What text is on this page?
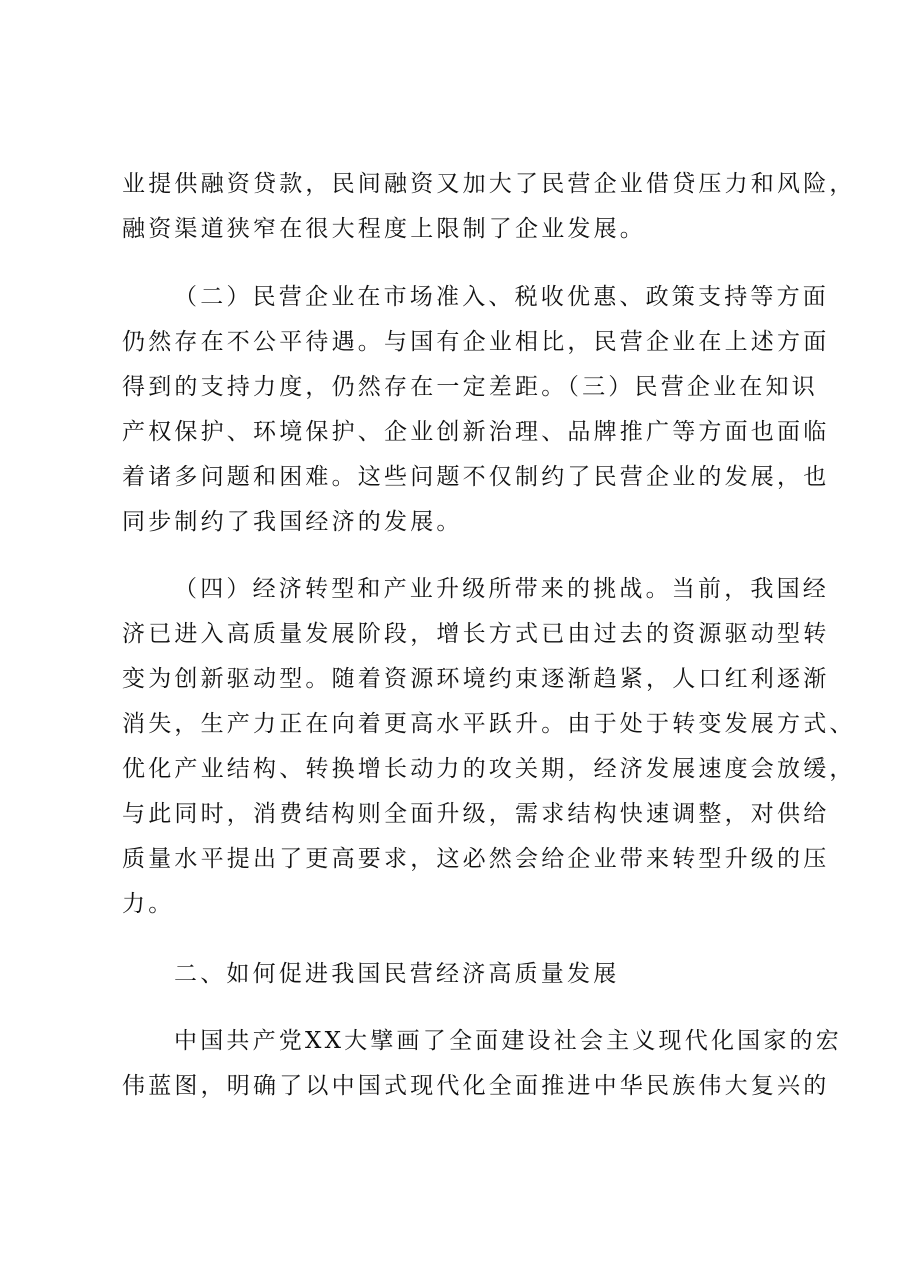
业提供融资贷款，民间融资又加大了民营企业借贷压力和风险，
融资渠道狭窄在很大程度上限制了企业发展。
（二）民营企业在市场准入、税收优惠、政策支持等方面
仍然存在不公平待遇。与国有企业相比，民营企业在上述方面
得到的支持力度，仍然存在一定差距。（三）民营企业在知识
产权保护、环境保护、企业创新治理、品牌推广等方面也面临
着诸多问题和困难。这些问题不仅制约了民营企业的发展，也
同步制约了我国经济的发展。
（四）经济转型和产业升级所带来的挑战。当前，我国经
济已进入高质量发展阶段，增长方式已由过去的资源驱动型转
变为创新驱动型。随着资源环境约束逐渐趋紧，人口红利逐渐
消失，生产力正在向着更高水平跃升。由于处于转变发展方式、
优化产业结构、转换增长动力的攻关期，经济发展速度会放缓，
与此同时，消费结构则全面升级，需求结构快速调整，对供给
质量水平提出了更高要求，这必然会给企业带来转型升级的压
力。
二、如何促进我国民营经济高质量发展
中国共产党XX大擘画了全面建设社会主义现代化国家的宏
伟蓝图，明确了以中国式现代化全面推进中华民族伟大复兴的
